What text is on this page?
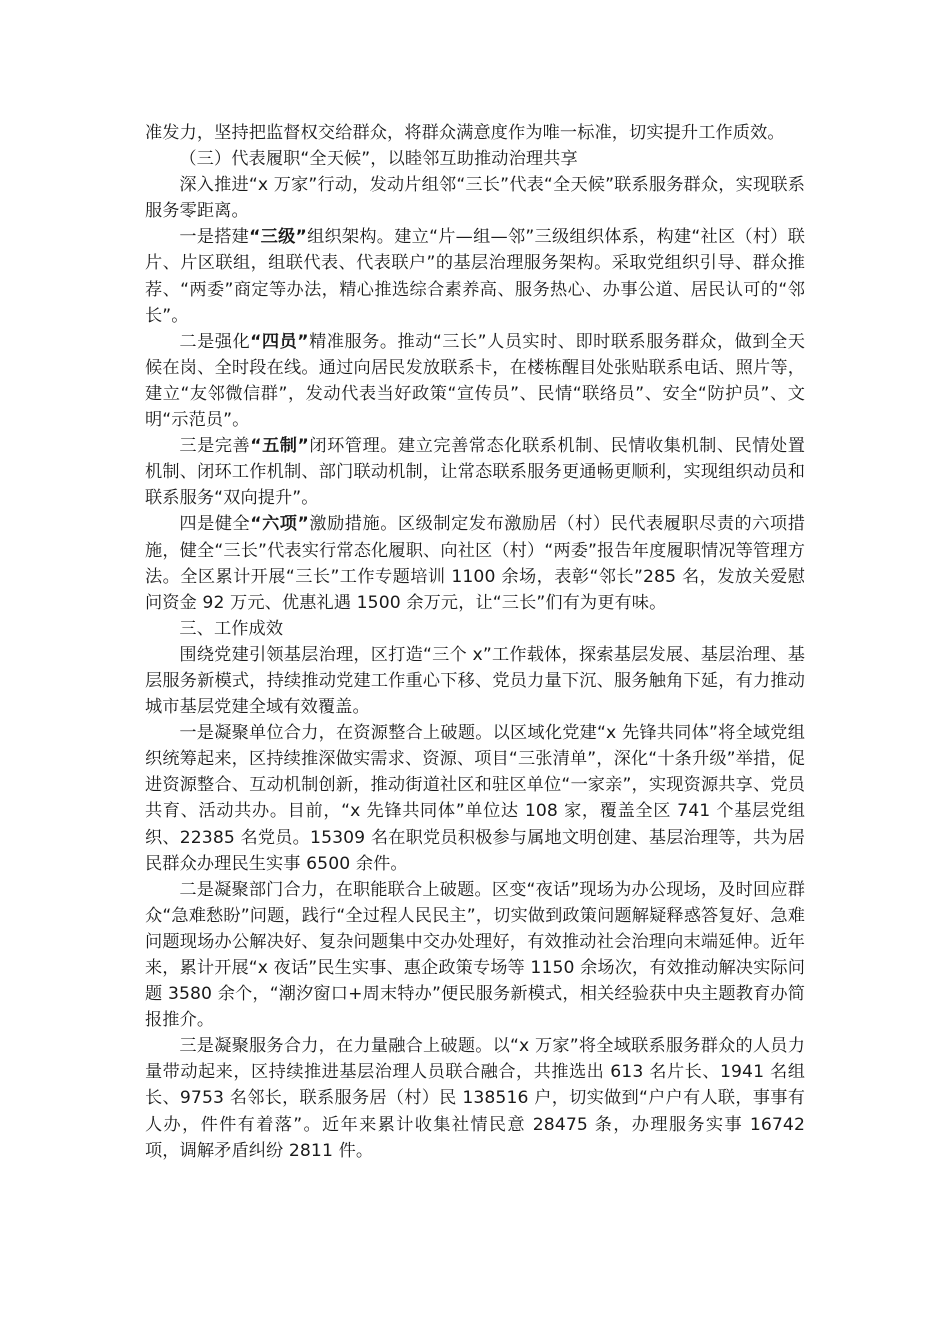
准发力，坚持把监督权交给群众，将群众满意度作为唯一标准，切实提升工作质效。

（三）代表履职“全天候”，以睦邻互助推动治理共享

深入推进“x 万家”行动，发动片组邻“三长”代表“全天候”联系服务群众，实现联系服务零距离。

一是搭建“三级”组织架构。建立“片—组—邻”三级组织体系，构建“社区（村）联片、片区联组，组联代表、代表联户”的基层治理服务架构。采取党组织引导、群众推荐、“两委”商定等办法，精心推选综合素养高、服务热心、办事公道、居民认可的“邻长”。

二是强化“四员”精准服务。推动“三长”人员实时、即时联系服务群众，做到全天候在岗、全时段在线。通过向居民发放联系卡，在楼栋醒目处张贴联系电话、照片等，建立“友邻微信群”，发动代表当好政策“宣传员”、民情“联络员”、安全“防护员”、文明“示范员”。

三是完善“五制”闭环管理。建立完善常态化联系机制、民情收集机制、民情处置机制、闭环工作机制、部门联动机制，让常态联系服务更通畅更顺利，实现组织动员和联系服务“双向提升”。

四是健全“六项”激励措施。区级制定发布激励居（村）民代表履职尽责的六项措施，健全“三长”代表实行常态化履职、向社区（村）“两委”报告年度履职情况等管理方法。全区累计开展“三长”工作专题培训 1100 余场，表彰“邻长”285 名，发放关爱慰问资金 92 万元、优惠礼遇 1500 余万元，让“三长”们有为更有味。

三、工作成效

围绕党建引领基层治理，区打造“三个 x”工作载体，探索基层发展、基层治理、基层服务新模式，持续推动党建工作重心下移、党员力量下沉、服务触角下延，有力推动城市基层党建全域有效覆盖。

一是凝聚单位合力，在资源整合上破题。以区域化党建“x 先锋共同体”将全域党组织统筹起来，区持续推深做实需求、资源、项目“三张清单”，深化“十条升级”举措，促进资源整合、互动机制创新，推动街道社区和驻区单位“一家亲”，实现资源共享、党员共育、活动共办。目前，“x 先锋共同体”单位达 108 家，覆盖全区 741 个基层党组织、22385 名党员。15309 名在职党员积极参与属地文明创建、基层治理等，共为居民群众办理民生实事 6500 余件。

二是凝聚部门合力，在职能联合上破题。区变“夜话”现场为办公现场，及时回应群众“急难愁盼”问题，践行“全过程人民民主”，切实做到政策问题解疑释惑答复好、急难问题现场办公解决好、复杂问题集中交办处理好，有效推动社会治理向末端延伸。近年来，累计开展“x 夜话”民生实事、惠企政策专场等 1150 余场次，有效推动解决实际问题 3580 余个，“潮汐窗口+周末特办”便民服务新模式，相关经验获中央主题教育办简报推介。

三是凝聚服务合力，在力量融合上破题。以“x 万家”将全域联系服务群众的人员力量带动起来，区持续推进基层治理人员联合融合，共推选出 613 名片长、1941 名组长、9753 名邻长，联系服务居（村）民 138516 户，切实做到“户户有人联，事事有人办，件件有着落”。近年来累计收集社情民意 28475 条，办理服务实事 16742 项，调解矛盾纠纷 2811 件。
